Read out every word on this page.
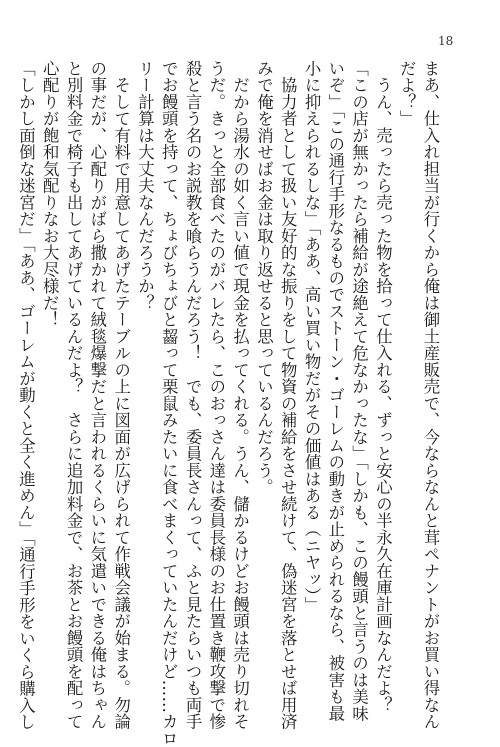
18
まあ、仕入れ担当が行くから俺は御土産販売で、今ならなんと茸ペナントがお買い得なん
だよ？」
　うん、売ったら売った物を拾って仕入れる、ずっと安心の半永久在庫計画なんだよ？
「この店が無かったら補給が途絶えて危なかったな」「しかも、この饅頭と言うのは美味
いぞ」「この通行手形なるものでストーン・ゴーレムの動きが止められるなら、被害も最
小に抑えられるしな」「ああ、高い買い物だがその価値はある（ニヤッ）」
　協力者として扱い友好的な振りをして物資の補給をさせ続けて、偽迷宮を落とせば用済
みで俺を消せばお金は取り返せると思っているんだろう。
　だから湯水の如く言い値で現金を払ってくれる。うん、儲かるけどお饅頭は売り切れそ
うだ。きっと全部食べたのがバレたら、このおっさん達は委員長様のお仕置き鞭攻撃で惨
殺と言う名のお説教を喰らうんだろう！　でも、委員長さんって、ふと見たらいつも両手
でお饅頭を持って、ちょびちょびと齧って栗鼠みたいに食べまくっていたんだけど……カロ
リー計算は大丈夫なんだろうか？
　そして有料で用意してあげたテーブルの上に図面が広げられて作戦会議が始まる。勿論
の事だが、心配りがばら撒かれて絨毯爆撃だと言われるくらいに気遣いできる俺はちゃん
と別料金で椅子も出してあげているんだよ？　さらに追加料金で、お茶とお饅頭を配って
心配りが飽和気配りなお大尽様だ！
「しかし面倒な迷宮だ」「ああ、ゴーレムが動くと全く進めん」「通行手形をいくら購入し
